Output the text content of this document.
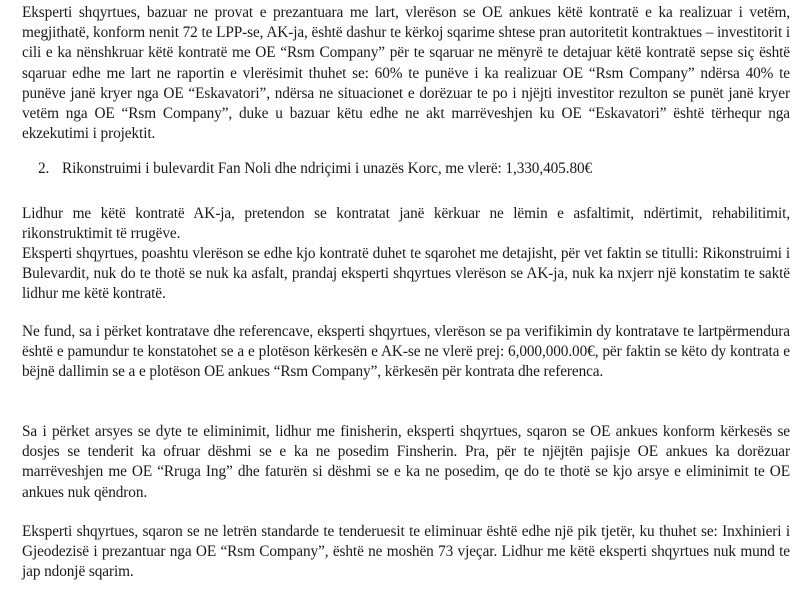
Eksperti shqyrtues, bazuar ne provat e prezantuara me lart, vlerëson se OE ankues këtë kontratë e ka realizuar i vetëm, megjithatë, konform nenit 72 te LPP-se, AK-ja, është dashur te kërkoj sqarime shtese pran autoritetit kontraktues – investitorit i cili e ka nënshkruar këtë kontratë me OE “Rsm Company” për te sqaruar ne mënyrë te detajuar këtë kontratë sepse siç është sqaruar edhe me lart ne raportin e vlerësimit thuhet se: 60% te punëve i ka realizuar OE “Rsm Company” ndërsa 40% te punëve janë kryer nga OE “Eskavatori”, ndërsa ne situacionet e dorëzuar te po i njëjti investitor rezulton se punët janë kryer vetëm nga OE “Rsm Company”, duke u bazuar këtu edhe ne akt marrëveshjen ku OE “Eskavatori” është tërhequr nga ekzekutimi i projektit.

2. Rikonstruimi i bulevardit Fan Noli dhe ndriçimi i unazës Korc, me vlerë: 1,330,405.80€

Lidhur me këtë kontratë AK-ja, pretendon se kontratat janë kërkuar ne lëmin e asfaltimit, ndërtimit, rehabilitimit, rikonstruktimit të rrugëve.

Eksperti shqyrtues, poashtu vlerëson se edhe kjo kontratë duhet te sqarohet me detajisht, për vet faktin se titulli: Rikonstruimi i Bulevardit, nuk do te thotë se nuk ka asfalt, prandaj eksperti shqyrtues vlerëson se AK-ja, nuk ka nxjerr një konstatim te saktë lidhur me këtë kontratë.

Ne fund, sa i përket kontratave dhe referencave, eksperti shqyrtues, vlerëson se pa verifikimin dy kontratave te lartpërmendura është e pamundur te konstatohet se a e plotëson kërkesën e AK-se ne vlerë prej: 6,000,000.00€, për faktin se këto dy kontrata e bëjnë dallimin se a e plotëson OE ankues “Rsm Company”, kërkesën për kontrata dhe referenca.

Sa i përket arsyes se dyte te eliminimit, lidhur me finisherin, eksperti shqyrtues, sqaron se OE ankues konform kërkesës se dosjes se tenderit ka ofruar dëshmi se e ka ne posedim Finsherin. Pra, për te njëjtën pajisje OE ankues ka dorëzuar marrëveshjen me OE “Rruga Ing” dhe faturën si dëshmi se e ka ne posedim, qe do te thotë se kjo arsye e eliminimit te OE ankues nuk qëndron.

Eksperti shqyrtues, sqaron se ne letrën standarde te tenderuesit te eliminuar është edhe një pik tjetër, ku thuhet se: Inxhinieri i Gjeodezisë i prezantuar nga OE “Rsm Company”, është ne moshën 73 vjeçar. Lidhur me këtë eksperti shqyrtues nuk mund te jap ndonjë sqarim.
